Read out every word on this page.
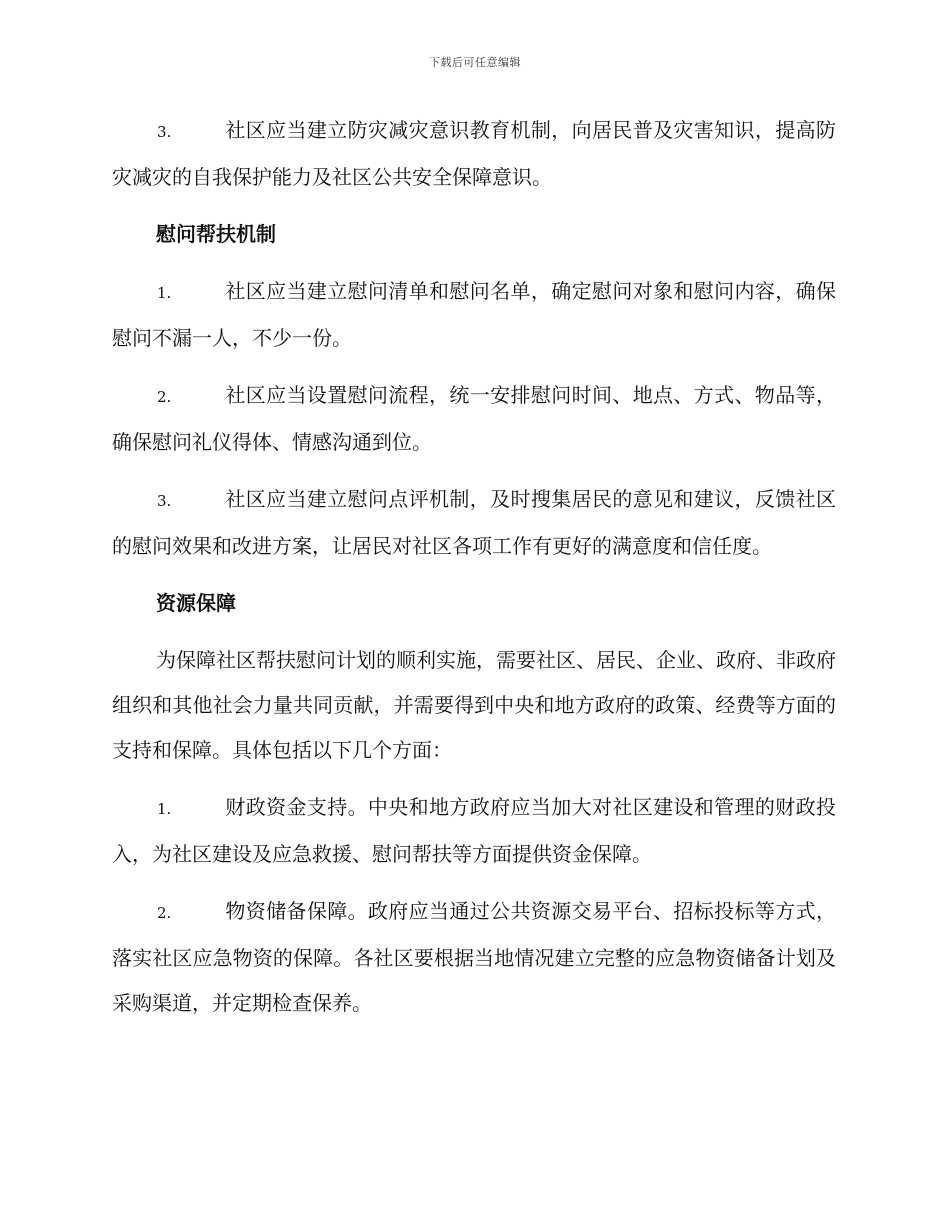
下载后可任意编辑

3.	社区应当建立防灾减灾意识教育机制，向居民普及灾害知识，提高防灾减灾的自我保护能力及社区公共安全保障意识。

慰问帮扶机制

1.	社区应当建立慰问清单和慰问名单，确定慰问对象和慰问内容，确保慰问不漏一人，不少一份。

2.	社区应当设置慰问流程，统一安排慰问时间、地点、方式、物品等，确保慰问礼仪得体、情感沟通到位。

3.	社区应当建立慰问点评机制，及时搜集居民的意见和建议，反馈社区的慰问效果和改进方案，让居民对社区各项工作有更好的满意度和信任度。

资源保障

为保障社区帮扶慰问计划的顺利实施，需要社区、居民、企业、政府、非政府组织和其他社会力量共同贡献，并需要得到中央和地方政府的政策、经费等方面的支持和保障。具体包括以下几个方面：

1.	财政资金支持。中央和地方政府应当加大对社区建设和管理的财政投入，为社区建设及应急救援、慰问帮扶等方面提供资金保障。

2.	物资储备保障。政府应当通过公共资源交易平台、招标投标等方式，落实社区应急物资的保障。各社区要根据当地情况建立完整的应急物资储备计划及采购渠道，并定期检查保养。
